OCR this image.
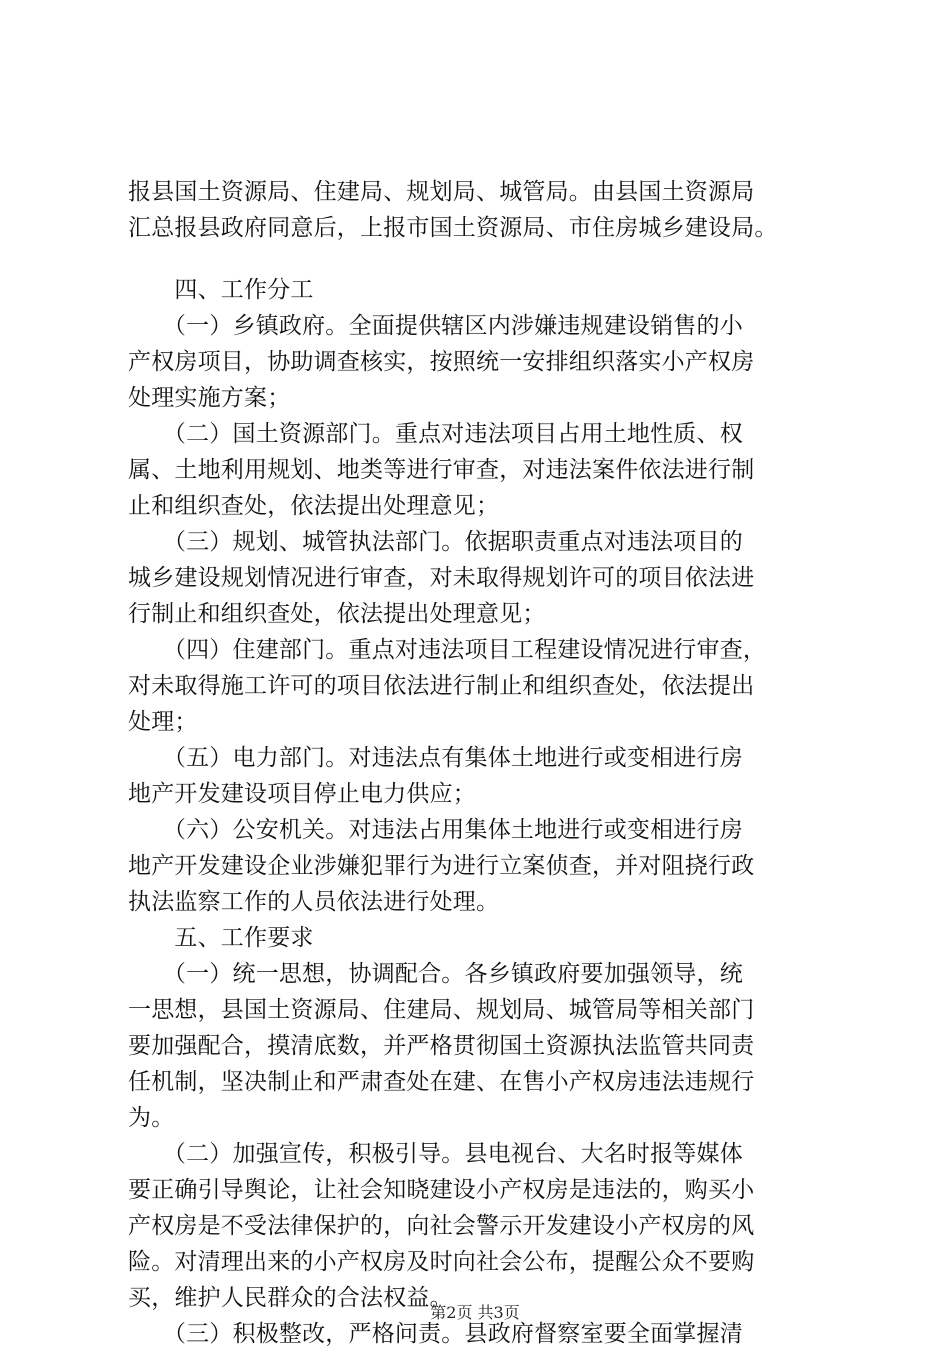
报县国土资源局、住建局、规划局、城管局。由县国土资源局
汇总报县政府同意后，上报市国土资源局、市住房城乡建设局。
　　四、工作分工
　　（一）乡镇政府。全面提供辖区内涉嫌违规建设销售的小
产权房项目，协助调查核实，按照统一安排组织落实小产权房
处理实施方案；
　　（二）国土资源部门。重点对违法项目占用土地性质、权
属、土地利用规划、地类等进行审查，对违法案件依法进行制
止和组织查处，依法提出处理意见；
　　（三）规划、城管执法部门。依据职责重点对违法项目的
城乡建设规划情况进行审查，对未取得规划许可的项目依法进
行制止和组织查处，依法提出处理意见；
　　（四）住建部门。重点对违法项目工程建设情况进行审查，
对未取得施工许可的项目依法进行制止和组织查处，依法提出
处理；
　　（五）电力部门。对违法点有集体土地进行或变相进行房
地产开发建设项目停止电力供应；
　　（六）公安机关。对违法占用集体土地进行或变相进行房
地产开发建设企业涉嫌犯罪行为进行立案侦查，并对阻挠行政
执法监察工作的人员依法进行处理。
　　五、工作要求
　　（一）统一思想，协调配合。各乡镇政府要加强领导，统
一思想，县国土资源局、住建局、规划局、城管局等相关部门
要加强配合，摸清底数，并严格贯彻国土资源执法监管共同责
任机制，坚决制止和严肃查处在建、在售小产权房违法违规行
为。
　　（二）加强宣传，积极引导。县电视台、大名时报等媒体
要正确引导舆论，让社会知晓建设小产权房是违法的，购买小
产权房是不受法律保护的，向社会警示开发建设小产权房的风
险。对清理出来的小产权房及时向社会公布，提醒公众不要购
买，维护人民群众的合法权益。
　　（三）积极整改，严格问责。县政府督察室要全面掌握清
第2页 共3页
